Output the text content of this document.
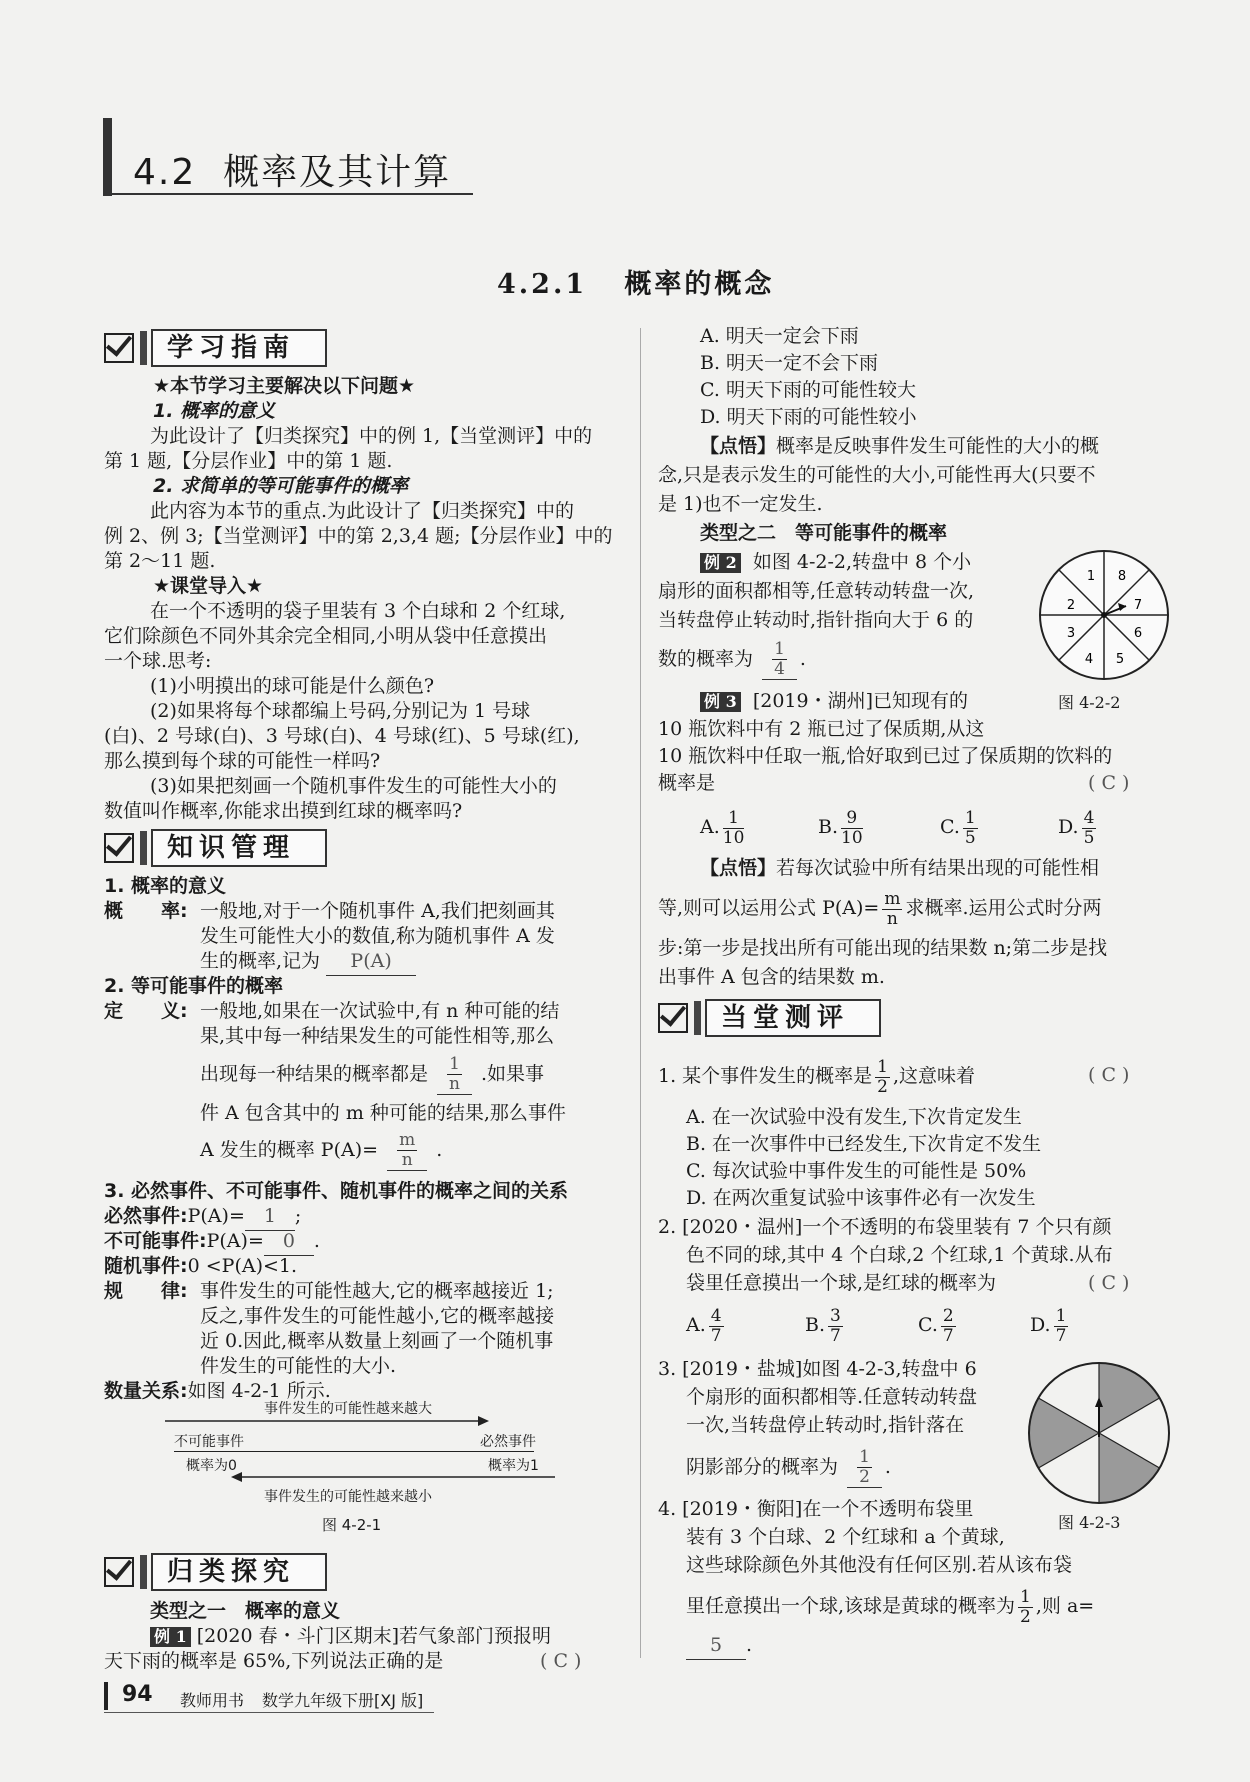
4.2 概率及其计算
4.2.1 概率的概念
学习指南
★本节学习主要解决以下问题★
1. 概率的意义
为此设计了【归类探究】中的例 1,【当堂测评】中的
第 1 题,【分层作业】中的第 1 题.
2. 求简单的等可能事件的概率
此内容为本节的重点.为此设计了【归类探究】中的
例 2、例 3;【当堂测评】中的第 2,3,4 题;【分层作业】中的
第 2～11 题.
★课堂导入★
在一个不透明的袋子里装有 3 个白球和 2 个红球,
它们除颜色不同外其余完全相同,小明从袋中任意摸出
一个球.思考:
(1)小明摸出的球可能是什么颜色?
(2)如果将每个球都编上号码,分别记为 1 号球
(白)、2 号球(白)、3 号球(白)、4 号球(红)、5 号球(红),
那么摸到每个球的可能性一样吗?
(3)如果把刻画一个随机事件发生的可能性大小的
数值叫作概率,你能求出摸到红球的概率吗?
知识管理
1. 概率的意义
概　　率: 一般地,对于一个随机事件 A,我们把刻画其
发生可能性大小的数值,称为随机事件 A 发
生的概率,记为 P(A)
2. 等可能事件的概率
定　　义: 一般地,如果在一次试验中,有 n 种可能的结
果,其中每一种结果发生的可能性相等,那么
出现每一种结果的概率都是 $\frac{1}{n}$ .如果事
件 A 包含其中的 m 种可能的结果,那么事件
A 发生的概率 $P(A)= \frac{m}{n}$ .
3. 必然事件、不可能事件、随机事件的概率之间的关系
必然事件:P(A)= 1 ;
不可能事件:P(A)= 0 .
随机事件:0 <P(A)<1.
规　　律: 事件发生的可能性越大,它的概率越接近 1;
反之,事件发生的可能性越小,它的概率越接
近 0.因此,概率从数量上刻画了一个随机事
件发生的可能性的大小.
数量关系:如图 4-2-1 所示.
事件发生的可能性越来越大
不可能事件	必然事件
概率为0	概率为1
事件发生的可能性越来越小
图 4-2-1
归类探究
类型之一　概率的意义
例 1 [2020 春・斗门区期末]若气象部门预报明
天下雨的概率是 65%,下列说法正确的是	( C )
94 教师用书 数学九年级下册[XJ 版]
A. 明天一定会下雨
B. 明天一定不会下雨
C. 明天下雨的可能性较大
D. 明天下雨的可能性较小
【点悟】概率是反映事件发生可能性的大小的概
念,只是表示发生的可能性的大小,可能性再大(只要不
是 1)也不一定发生.
类型之二　等可能事件的概率
例 2 如图 4-2-2,转盘中 8 个小
扇形的面积都相等,任意转动转盘一次,
当转盘停止转动时,指针指向大于 6 的
数的概率为 $\frac{1}{4}$ .
1 8
7
6
5
4
3
2
图 4-2-2
例 3 [2019・湖州]已知现有的
10 瓶饮料中有 2 瓶已过了保质期,从这
10 瓶饮料中任取一瓶,恰好取到已过了保质期的饮料的
概率是	( C )
A. $\frac{1}{10}$	B. $\frac{9}{10}$	C. $\frac{1}{5}$	D. $\frac{4}{5}$
【点悟】若每次试验中所有结果出现的可能性相
等,则可以运用公式 $P(A)= \frac{m}{n}$ 求概率.运用公式时分两
步:第一步是找出所有可能出现的结果数 n;第二步是找
出事件 A 包含的结果数 m.
当堂测评
1. 某个事件发生的概率是 $\frac{1}{2}$ ,这意味着	( C )
A. 在一次试验中没有发生,下次肯定发生
B. 在一次事件中已经发生,下次肯定不发生
C. 每次试验中事件发生的可能性是 50%
D. 在两次重复试验中该事件必有一次发生
2. [2020・温州]一个不透明的布袋里装有 7 个只有颜
色不同的球,其中 4 个白球,2 个红球,1 个黄球.从布
袋里任意摸出一个球,是红球的概率为	( C )
A. $\frac{4}{7}$	B. $\frac{3}{7}$	C. $\frac{2}{7}$	D. $\frac{1}{7}$
3. [2019・盐城]如图 4-2-3,转盘中 6
个扇形的面积都相等.任意转动转盘
一次,当转盘停止转动时,指针落在
阴影部分的概率为 $\frac{1}{2}$ .
图 4-2-3
4. [2019・衡阳]在一个不透明布袋里
装有 3 个白球、2 个红球和 a 个黄球,
这些球除颜色外其他没有任何区别.若从该布袋
里任意摸出一个球,该球是黄球的概率为 $\frac{1}{2}$ ,则 a=
5 .
